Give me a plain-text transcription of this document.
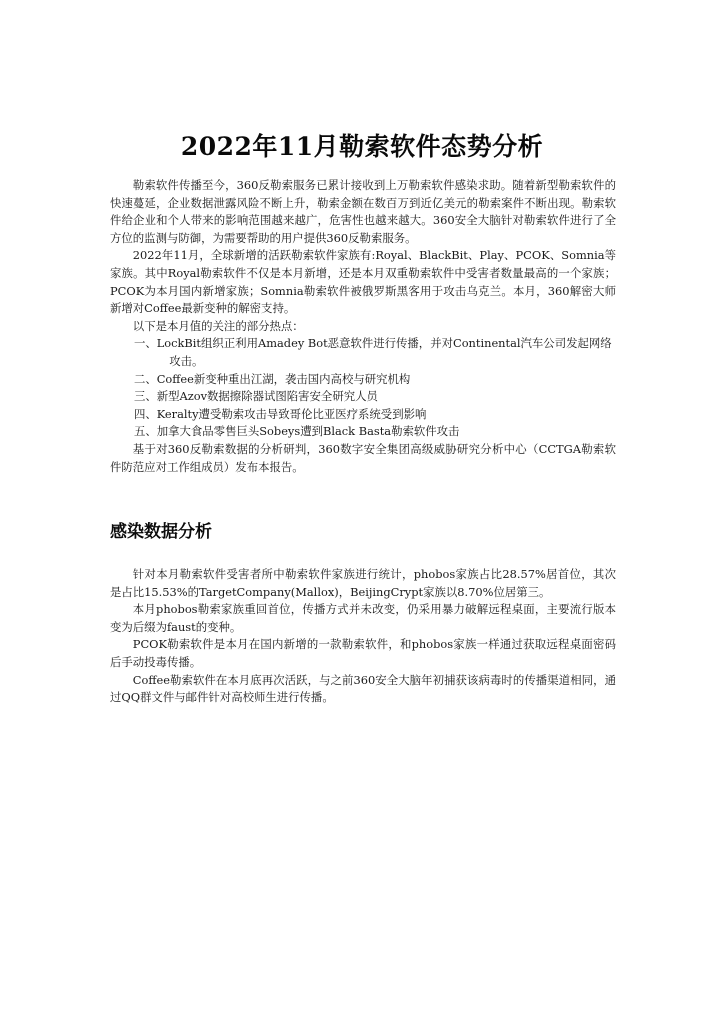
2022年11月勒索软件态势分析

勒索软件传播至今，360反勒索服务已累计接收到上万勒索软件感染求助。随着新型勒索软件的快速蔓延，企业数据泄露风险不断上升，勒索金额在数百万到近亿美元的勒索案件不断出现。勒索软件给企业和个人带来的影响范围越来越广，危害性也越来越大。360安全大脑针对勒索软件进行了全方位的监测与防御，为需要帮助的用户提供360反勒索服务。

2022年11月，全球新增的活跃勒索软件家族有:Royal、BlackBit、Play、PCOK、Somnia等家族。其中Royal勒索软件不仅是本月新增，还是本月双重勒索软件中受害者数量最高的一个家族；PCOK为本月国内新增家族；Somnia勒索软件被俄罗斯黑客用于攻击乌克兰。本月，360解密大师新增对Coffee最新变种的解密支持。

以下是本月值的关注的部分热点：

一、LockBit组织正利用Amadey Bot恶意软件进行传播，并对Continental汽车公司发起网络攻击。

二、Coffee新变种重出江湖，袭击国内高校与研究机构

三、新型Azov数据擦除器试图陷害安全研究人员

四、Keralty遭受勒索攻击导致哥伦比亚医疗系统受到影响

五、加拿大食品零售巨头Sobeys遭到Black Basta勒索软件攻击

基于对360反勒索数据的分析研判，360数字安全集团高级威胁研究分析中心（CCTGA勒索软件防范应对工作组成员）发布本报告。

感染数据分析

针对本月勒索软件受害者所中勒索软件家族进行统计，phobos家族占比28.57%居首位，其次是占比15.53%的TargetCompany(Mallox)，BeijingCrypt家族以8.70%位居第三。

本月phobos勒索家族重回首位，传播方式并未改变，仍采用暴力破解远程桌面，主要流行版本变为后缀为faust的变种。

PCOK勒索软件是本月在国内新增的一款勒索软件，和phobos家族一样通过获取远程桌面密码后手动投毒传播。

Coffee勒索软件在本月底再次活跃，与之前360安全大脑年初捕获该病毒时的传播渠道相同，通过QQ群文件与邮件针对高校师生进行传播。
